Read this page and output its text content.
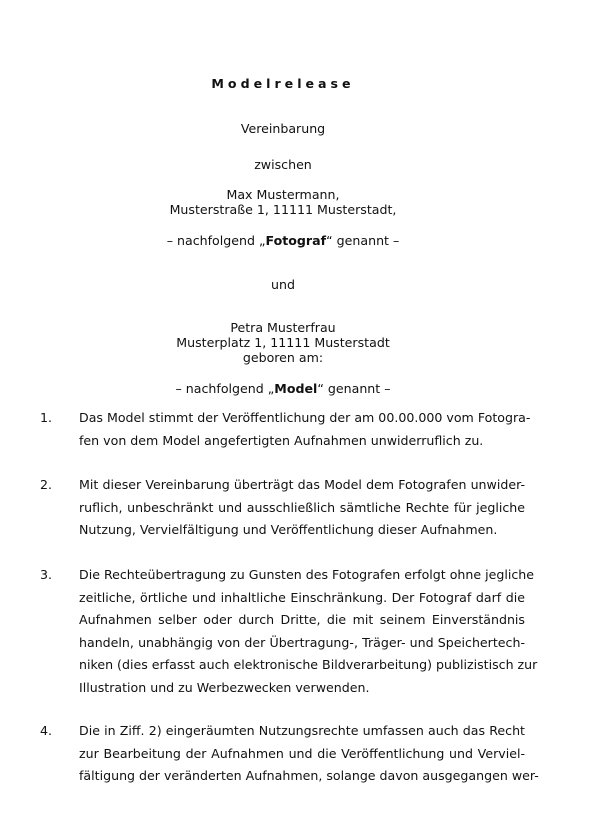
Modelrelease
Vereinbarung
zwischen
Max Mustermann,
Musterstraße 1, 11111 Musterstadt,
– nachfolgend „Fotograf“ genannt –
und
Petra Musterfrau
Musterplatz 1, 11111 Musterstadt
geboren am:
– nachfolgend „Model“ genannt –
1.	Das Model stimmt der Veröffentlichung der am 00.00.000 vom Fotogra-
fen von dem Model angefertigten Aufnahmen unwiderruflich zu.
2.	Mit dieser Vereinbarung überträgt das Model dem Fotografen unwider-
ruflich, unbeschränkt und ausschließlich sämtliche Rechte für jegliche
Nutzung, Vervielfältigung und Veröffentlichung dieser Aufnahmen.
3.	Die Rechteübertragung zu Gunsten des Fotografen erfolgt ohne jegliche
zeitliche, örtliche und inhaltliche Einschränkung. Der Fotograf darf die
Aufnahmen selber oder durch Dritte, die mit seinem Einverständnis
handeln, unabhängig von der Übertragung-, Träger- und Speichertech-
niken (dies erfasst auch elektronische Bildverarbeitung) publizistisch zur
Illustration und zu Werbezwecken verwenden.
4.	Die in Ziff. 2) eingeräumten Nutzungsrechte umfassen auch das Recht
zur Bearbeitung der Aufnahmen und die Veröffentlichung und Verviel-
fältigung der veränderten Aufnahmen, solange davon ausgegangen wer-
